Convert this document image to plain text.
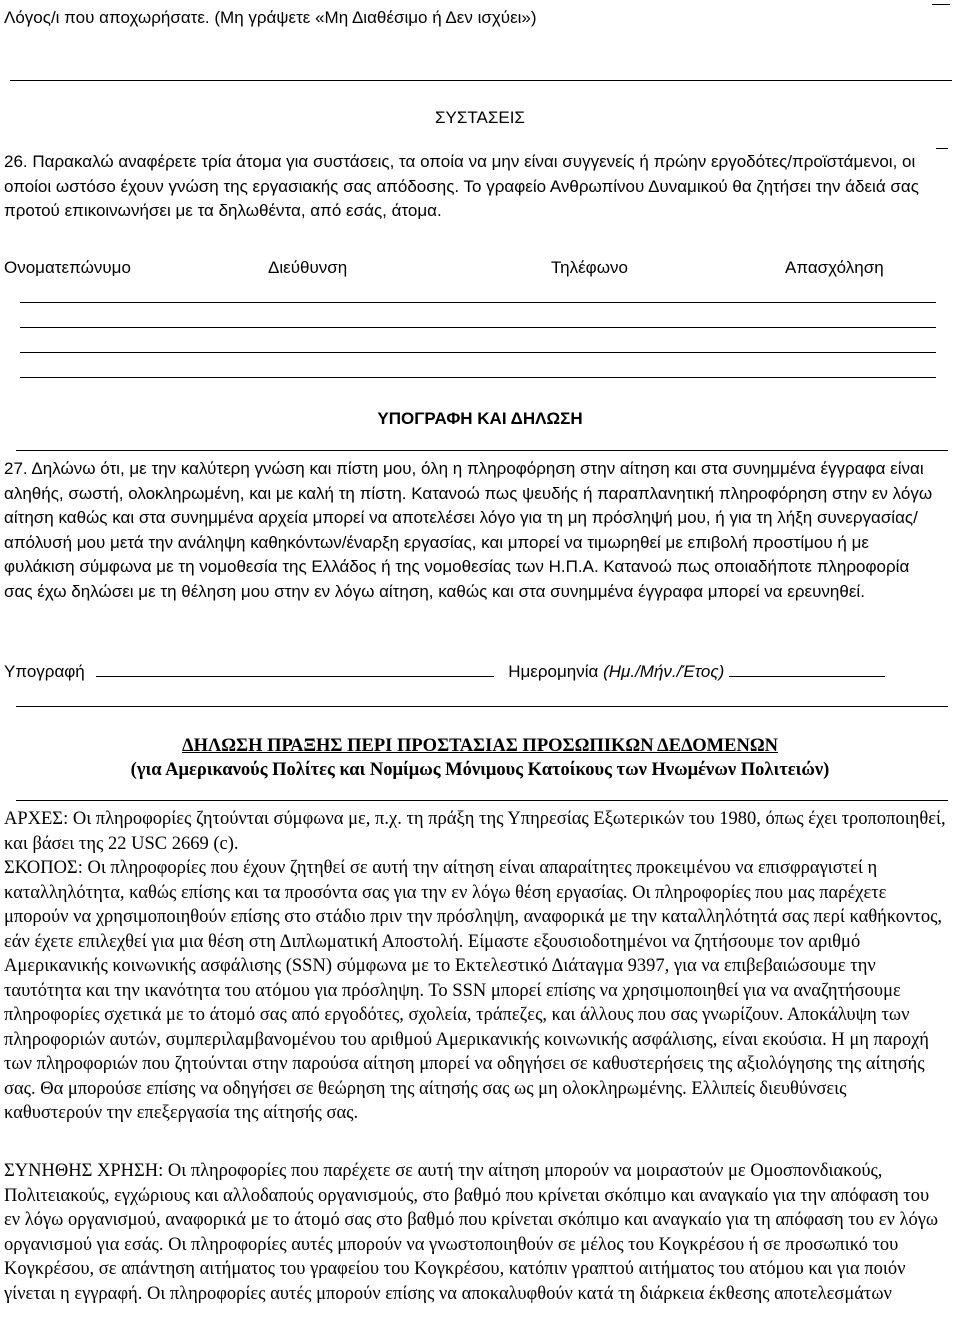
Λόγος/ι που αποχωρήσατε. (Μη γράψετε «Μη Διαθέσιμο ή Δεν ισχύει»)

ΣΥΣΤΑΣΕΙΣ

26. Παρακαλώ αναφέρετε τρία άτομα για συστάσεις, τα οποία να μην είναι συγγενείς ή πρώην εργοδότες/προϊστάμενοι, οι οποίοι ωστόσο έχουν γνώση της εργασιακής σας απόδοσης. Το γραφείο Ανθρωπίνου Δυναμικού θα ζητήσει την άδειά σας προτού επικοινωνήσει με τα δηλωθέντα, από εσάς, άτομα.

Ονοματεπώνυμο	Διεύθυνση	Τηλέφωνο	Απασχόληση

ΥΠΟΓΡΑΦΗ ΚΑΙ ΔΗΛΩΣΗ

27. Δηλώνω ότι, με την καλύτερη γνώση και πίστη μου, όλη η πληροφόρηση στην αίτηση και στα συνημμένα έγγραφα είναι αληθής, σωστή, ολοκληρωμένη, και με καλή τη πίστη. Κατανοώ πως ψευδής ή παραπλανητική πληροφόρηση στην εν λόγω αίτηση καθώς και στα συνημμένα αρχεία μπορεί να αποτελέσει λόγο για τη μη πρόσληψή μου, ή για τη λήξη συνεργασίας/απόλυσή μου μετά την ανάληψη καθηκόντων/έναρξη εργασίας, και μπορεί να τιμωρηθεί με επιβολή προστίμου ή με φυλάκιση σύμφωνα με τη νομοθεσία της Ελλάδος ή της νομοθεσίας των Η.Π.Α. Κατανοώ πως οποιαδήποτε πληροφορία σας έχω δηλώσει με τη θέληση μου στην εν λόγω αίτηση, καθώς και στα συνημμένα έγγραφα μπορεί να ερευνηθεί.

Υπογραφή	Ημερομηνία (Ημ./Μήν./Έτος)

ΔΗΛΩΣΗ ΠΡΑΞΗΣ ΠΕΡΙ ΠΡΟΣΤΑΣΙΑΣ ΠΡΟΣΩΠΙΚΩΝ ΔΕΔΟΜΕΝΩΝ

(για Αμερικανούς Πολίτες και Νομίμως Μόνιμους Κατοίκους των Ηνωμένων Πολιτειών)

ΑΡΧΕΣ: Οι πληροφορίες ζητούνται σύμφωνα με, π.χ. τη πράξη της Υπηρεσίας Εξωτερικών του 1980, όπως έχει τροποποιηθεί, και βάσει της 22 USC 2669 (c).

ΣΚΟΠΟΣ: Οι πληροφορίες που έχουν ζητηθεί σε αυτή την αίτηση είναι απαραίτητες προκειμένου να επισφραγιστεί η καταλληλότητα, καθώς επίσης και τα προσόντα σας για την εν λόγω θέση εργασίας. Οι πληροφορίες που μας παρέχετε μπορούν να χρησιμοποιηθούν επίσης στο στάδιο πριν την πρόσληψη, αναφορικά με την καταλληλότητά σας περί καθήκοντος, εάν έχετε επιλεχθεί για μια θέση στη Διπλωματική Αποστολή. Είμαστε εξουσιοδοτημένοι να ζητήσουμε τον αριθμό Αμερικανικής κοινωνικής ασφάλισης (SSN) σύμφωνα με το Εκτελεστικό Διάταγμα 9397, για να επιβεβαιώσουμε την ταυτότητα και την ικανότητα του ατόμου για πρόσληψη. Το SSN μπορεί επίσης να χρησιμοποιηθεί για να αναζητήσουμε πληροφορίες σχετικά με το άτομό σας από εργοδότες, σχολεία, τράπεζες, και άλλους που σας γνωρίζουν. Αποκάλυψη των πληροφοριών αυτών, συμπεριλαμβανομένου του αριθμού Αμερικανικής κοινωνικής ασφάλισης, είναι εκούσια. Η μη παροχή των πληροφοριών που ζητούνται στην παρούσα αίτηση μπορεί να οδηγήσει σε καθυστερήσεις της αξιολόγησης της αίτησής σας. Θα μπορούσε επίσης να οδηγήσει σε θεώρηση της αίτησής σας ως μη ολοκληρωμένης. Ελλιπείς διευθύνσεις καθυστερούν την επεξεργασία της αίτησής σας.

ΣΥΝΗΘΗΣ ΧΡΗΣΗ: Οι πληροφορίες που παρέχετε σε αυτή την αίτηση μπορούν να μοιραστούν με Ομοσπονδιακούς, Πολιτειακούς, εγχώριους και αλλοδαπούς οργανισμούς, στο βαθμό που κρίνεται σκόπιμο και αναγκαίο για την απόφαση του εν λόγω οργανισμού, αναφορικά με το άτομό σας στο βαθμό που κρίνεται σκόπιμο και αναγκαίο για τη απόφαση του εν λόγω οργανισμού για εσάς. Οι πληροφορίες αυτές μπορούν να γνωστοποιηθούν σε μέλος του Κογκρέσου ή σε προσωπικό του Κογκρέσου, σε απάντηση αιτήματος του γραφείου του Κογκρέσου, κατόπιν γραπτού αιτήματος του ατόμου και για ποιόν γίνεται η εγγραφή. Οι πληροφορίες αυτές μπορούν επίσης να αποκαλυφθούν κατά τη διάρκεια έκθεσης αποτελεσμάτων
